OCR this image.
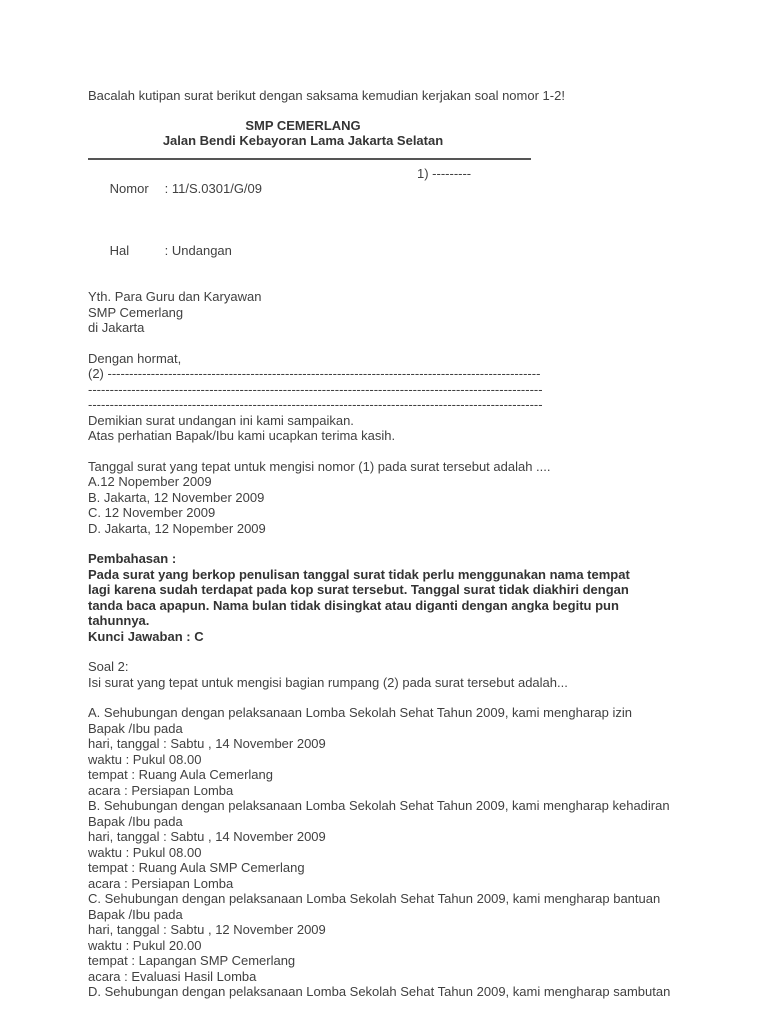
Bacalah kutipan surat berikut dengan saksama kemudian kerjakan soal nomor 1-2!
SMP CEMERLANG
Jalan Bendi Kebayoran Lama Jakarta Selatan

Nomor : 11/S.0301/G/09

1) ---------

Hal	: Undangan

Yth. Para Guru dan Karyawan
SMP Cemerlang
di Jakarta
Dengan hormat,
(2) ----------------------------------------------------------------------------------------------------
---------------------------------------------------------------------------------------------------------
---------------------------------------------------------------------------------------------------------
Demikian surat undangan ini kami sampaikan.
Atas perhatian Bapak/Ibu kami ucapkan terima kasih.
Tanggal surat yang tepat untuk mengisi nomor (1) pada surat tersebut adalah ....
A.12 Nopember 2009
B. Jakarta, 12 November 2009
C. 12 November 2009
D. Jakarta, 12 Nopember 2009
Pembahasan :
Pada surat yang berkop penulisan tanggal surat tidak perlu menggunakan nama tempat
lagi karena sudah terdapat pada kop surat tersebut. Tanggal surat tidak diakhiri dengan
tanda baca apapun. Nama bulan tidak disingkat atau diganti dengan angka begitu pun
tahunnya.
Kunci Jawaban : C
Soal 2:
Isi surat yang tepat untuk mengisi bagian rumpang (2) pada surat tersebut adalah...
A. Sehubungan dengan pelaksanaan Lomba Sekolah Sehat Tahun 2009, kami mengharap izin
Bapak /Ibu pada
hari, tanggal : Sabtu , 14 November 2009
waktu : Pukul 08.00
tempat : Ruang Aula Cemerlang
acara : Persiapan Lomba
B. Sehubungan dengan pelaksanaan Lomba Sekolah Sehat Tahun 2009, kami mengharap kehadiran
Bapak /Ibu pada
hari, tanggal : Sabtu , 14 November 2009
waktu : Pukul 08.00
tempat : Ruang Aula SMP Cemerlang
acara : Persiapan Lomba
C. Sehubungan dengan pelaksanaan Lomba Sekolah Sehat Tahun 2009, kami mengharap bantuan
Bapak /Ibu pada
hari, tanggal : Sabtu , 12 November 2009
waktu : Pukul 20.00
tempat : Lapangan SMP Cemerlang
acara : Evaluasi Hasil Lomba
D. Sehubungan dengan pelaksanaan Lomba Sekolah Sehat Tahun 2009, kami mengharap sambutan
